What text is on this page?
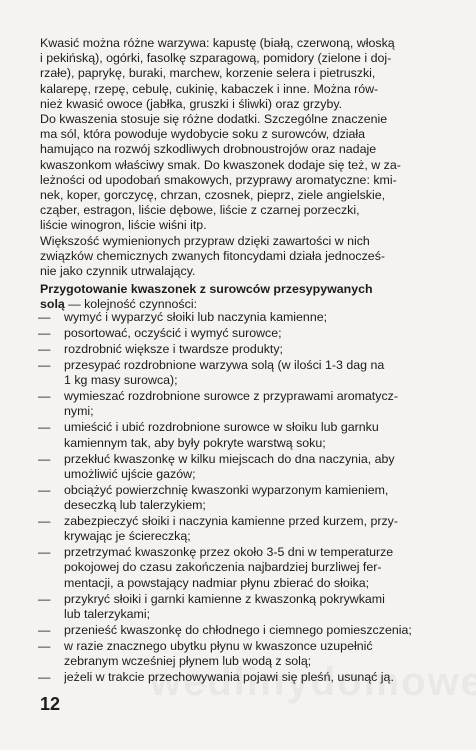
Kwasić można różne warzywa: kapustę (białą, czerwoną, włoską
i pekińską), ogórki, fasolkę szparagową, pomidory (zielone i doj-
rzałe), paprykę, buraki, marchew, korzenie selera i pietruszki,
kalarepę, rzepę, cebulę, cukinię, kabaczek i inne. Można rów-
nież kwasić owoce (jabłka, gruszki i śliwki) oraz grzyby.
Do kwaszenia stosuje się różne dodatki. Szczególne znaczenie
ma sól, która powoduje wydobycie soku z surowców, działa
hamująco na rozwój szkodliwych drobnoustrojów oraz nadaje
kwaszonkom właściwy smak. Do kwaszonek dodaje się też, w za-
leżności od upodobań smakowych, przyprawy aromatyczne: kmi-
nek, koper, gorczycę, chrzan, czosnek, pieprz, ziele angielskie,
cząber, estragon, liście dębowe, liście z czarnej porzeczki,
liście winogron, liście wiśni itp.
Większość wymienionych przypraw dzięki zawartości w nich
związków chemicznych zwanych fitoncydami działa jednocześ-
nie jako czynnik utrwalający.
Przygotowanie kwaszonek z surowców przesypywanych
solą — kolejność czynności:
—	wymyć i wyparzyć słoiki lub naczynia kamienne;
—	posortować, oczyścić i wymyć surowce;
—	rozdrobnić większe i twardsze produkty;
—	przesypać rozdrobnione warzywa solą (w ilości 1-3 dag na
1 kg masy surowca);
—	wymieszać rozdrobnione surowce z przyprawami aromatycz-
nymi;
—	umieścić i ubić rozdrobnione surowce w słoiku lub garnku
kamiennym tak, aby były pokryte warstwą soku;
—	przekłuć kwaszonkę w kilku miejscach do dna naczynia, aby
umożliwić ujście gazów;
—	obciążyć powierzchnię kwaszonki wyparzonym kamieniem,
deseczką lub talerzykiem;
—	zabezpieczyć słoiki i naczynia kamienne przed kurzem, przy-
krywając je ściereczką;
—	przetrzymać kwaszonkę przez około 3-5 dni w temperaturze
pokojowej do czasu zakończenia najbardziej burzliwej fer-
mentacji, a powstający nadmiar płynu zbierać do słoika;
—	przykryć słoiki i garnki kamienne z kwaszonką pokrywkami
lub talerzykami;
—	przenieść kwaszonkę do chłodnego i ciemnego pomieszczenia;
—	w razie znacznego ubytku płynu w kwaszonce uzupełnić
zebranym wcześniej płynem lub wodą z solą;
—	jeżeli w trakcie przechowywania pojawi się pleśń, usunąć ją.
12
